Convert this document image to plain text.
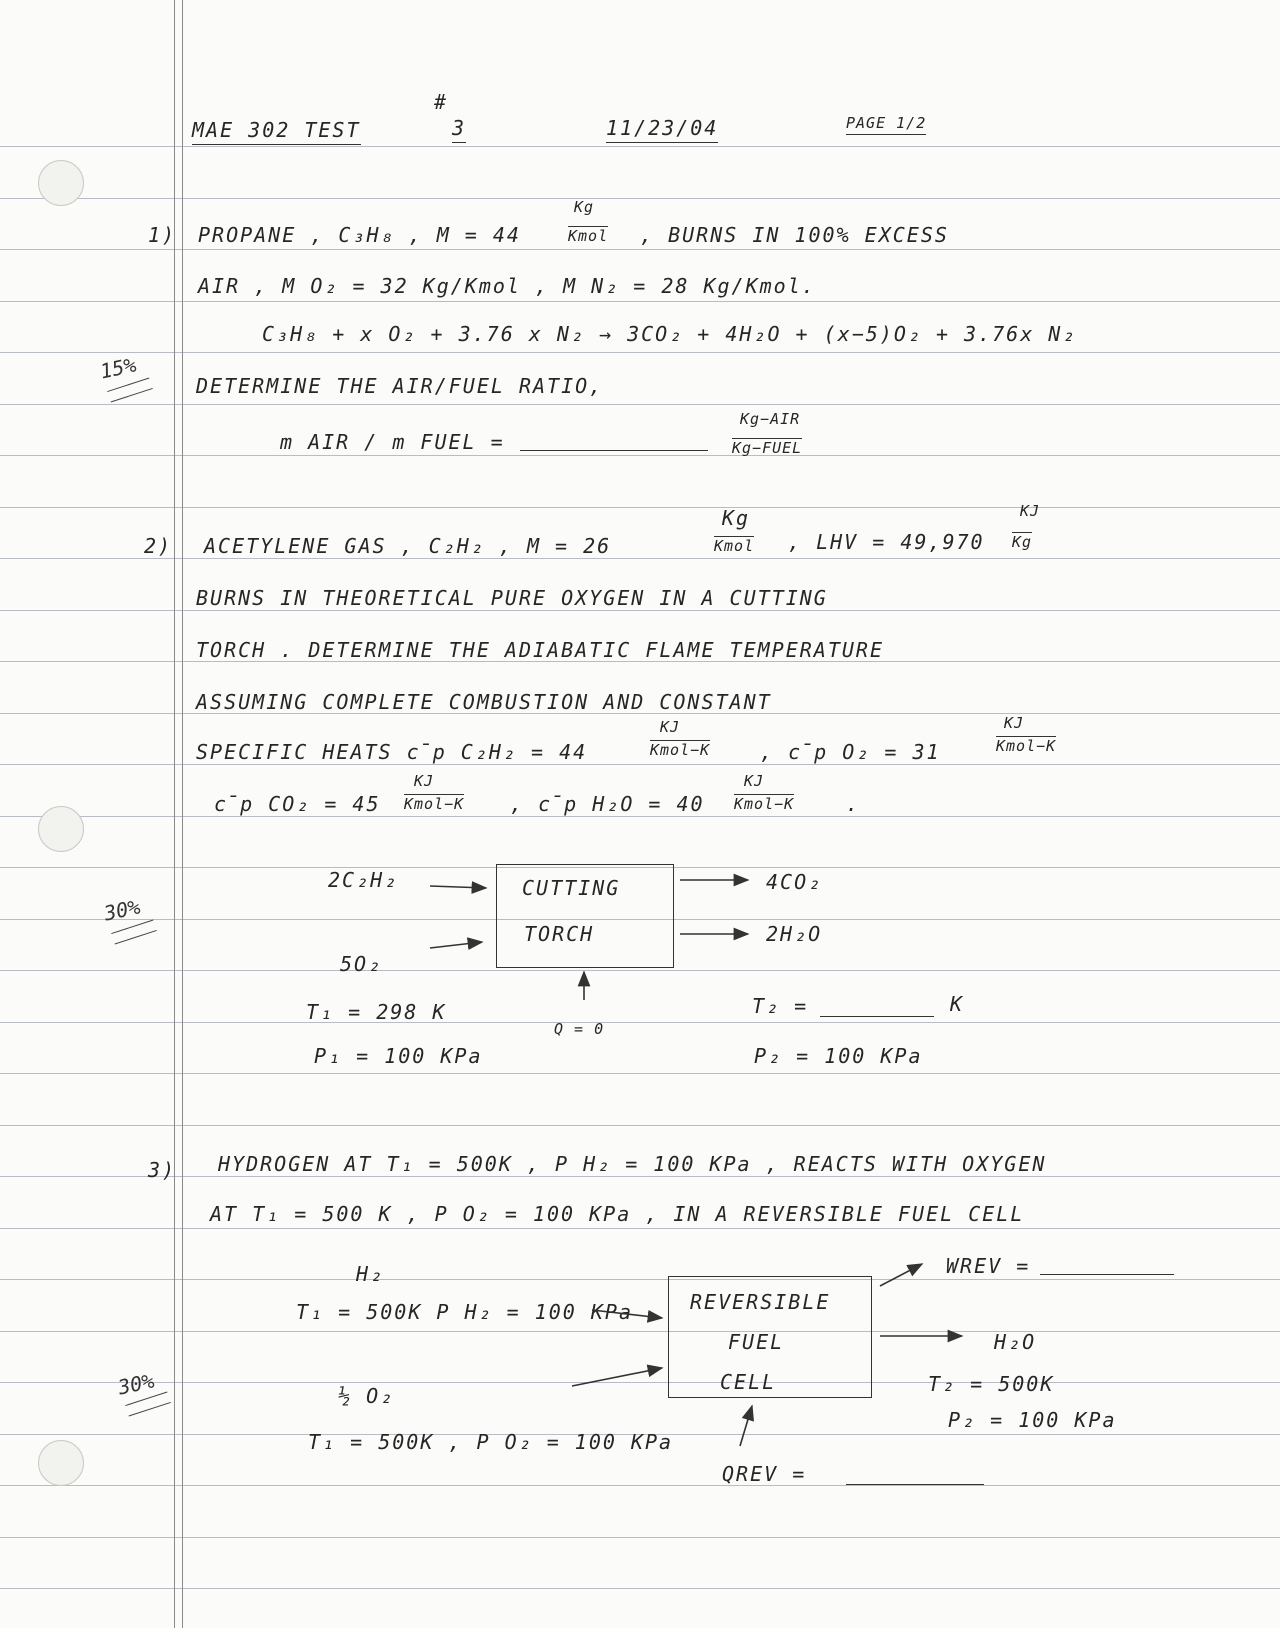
MAE 302 TEST
#
3	11/23/04	PAGE 1/2
1) PROPANE , C₃H₈ , M = 44
Kg
Kmol , BURNS IN 100% EXCESS
AIR , M O₂ = 32 Kg/Kmol , M N₂ = 28 Kg/Kmol.
C₃H₈ + x O₂ + 3.76 x N₂ → 3CO₂ + 4H₂O + (x−5)O₂ + 3.76x N₂
DETERMINE THE AIR/FUEL RATIO,
m AIR / m FUEL =
Kg−AIR
Kg−FUEL
15%
2) ACETYLENE GAS , C₂H₂ , M = 26
Kg
Kmol , LHV = 49,970
KJ
Kg
BURNS IN THEORETICAL PURE OXYGEN IN A CUTTING
TORCH . DETERMINE THE ADIABATIC FLAME TEMPERATURE
ASSUMING COMPLETE COMBUSTION AND CONSTANT
SPECIFIC HEATS c̄p C₂H₂ = 44
KJ
Kmol−K , c̄p O₂ = 31
KJ
Kmol−K
c̄p CO₂ = 45
KJ
Kmol−K , c̄p H₂O = 40
KJ
Kmol−K	.
30%
2C₂H₂
5O₂
CUTTING
TORCH
4CO₂
2H₂O
Q = 0
T₁ = 298 K
P₁ = 100 KPa
T₂ =	K
P₂ = 100 KPa
3) HYDROGEN AT T₁ = 500K , P H₂ = 100 KPa , REACTS WITH OXYGEN
AT T₁ = 500 K , P O₂ = 100 KPa , IN A REVERSIBLE FUEL CELL
30%
H₂
T₁ = 500K P H₂ = 100 KPa
½ O₂
T₁ = 500K , P O₂ = 100 KPa
REVERSIBLE
FUEL
CELL
WREV =
H₂O
T₂ = 500K
P₂ = 100 KPa
QREV =
